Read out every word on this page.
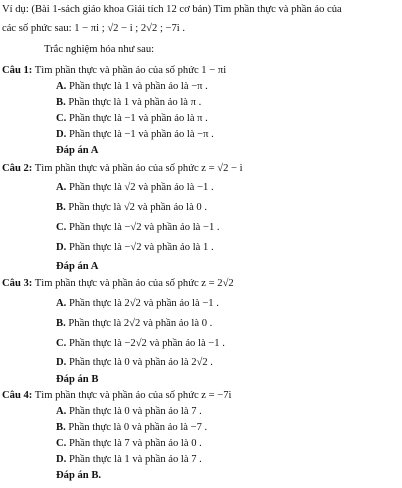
Ví dụ: (Bài 1-sách giáo khoa Giải tích 12 cơ bản) Tìm phần thực và phần ảo của
các số phức sau: 1 − πi ; √2 − i ; 2√2 ; −7i .
Trắc nghiệm hóa như sau:
Câu 1: Tìm phần thực và phần ảo của số phức 1 − πi
A. Phần thực là 1 và phần ảo là −π .
B. Phần thực là 1 và phần ảo là π .
C. Phần thực là −1 và phần ảo là π .
D. Phần thực là −1 và phần ảo là −π .
Đáp án A
Câu 2: Tìm phần thực và phần ảo của số phức z = √2 − i
A. Phần thực là √2 và phần ảo là −1 .
B. Phần thực là √2 và phần ảo là 0 .
C. Phần thực là −√2 và phần ảo là −1 .
D. Phần thực là −√2 và phần ảo là 1 .
Đáp án A
Câu 3: Tìm phần thực và phần ảo của số phức z = 2√2
A. Phần thực là 2√2 và phần ảo là −1 .
B. Phần thực là 2√2 và phần ảo là 0 .
C. Phần thực là −2√2 và phần ảo là −1 .
D. Phần thực là 0 và phần ảo là 2√2 .
Đáp án B
Câu 4: Tìm phần thực và phần ảo của số phức z = −7i
A. Phần thực là 0 và phần ảo là 7 .
B. Phần thực là 0 và phần ảo là −7 .
C. Phần thực là 7 và phần ảo là 0 .
D. Phần thực là 1 và phần ảo là 7 .
Đáp án B.
